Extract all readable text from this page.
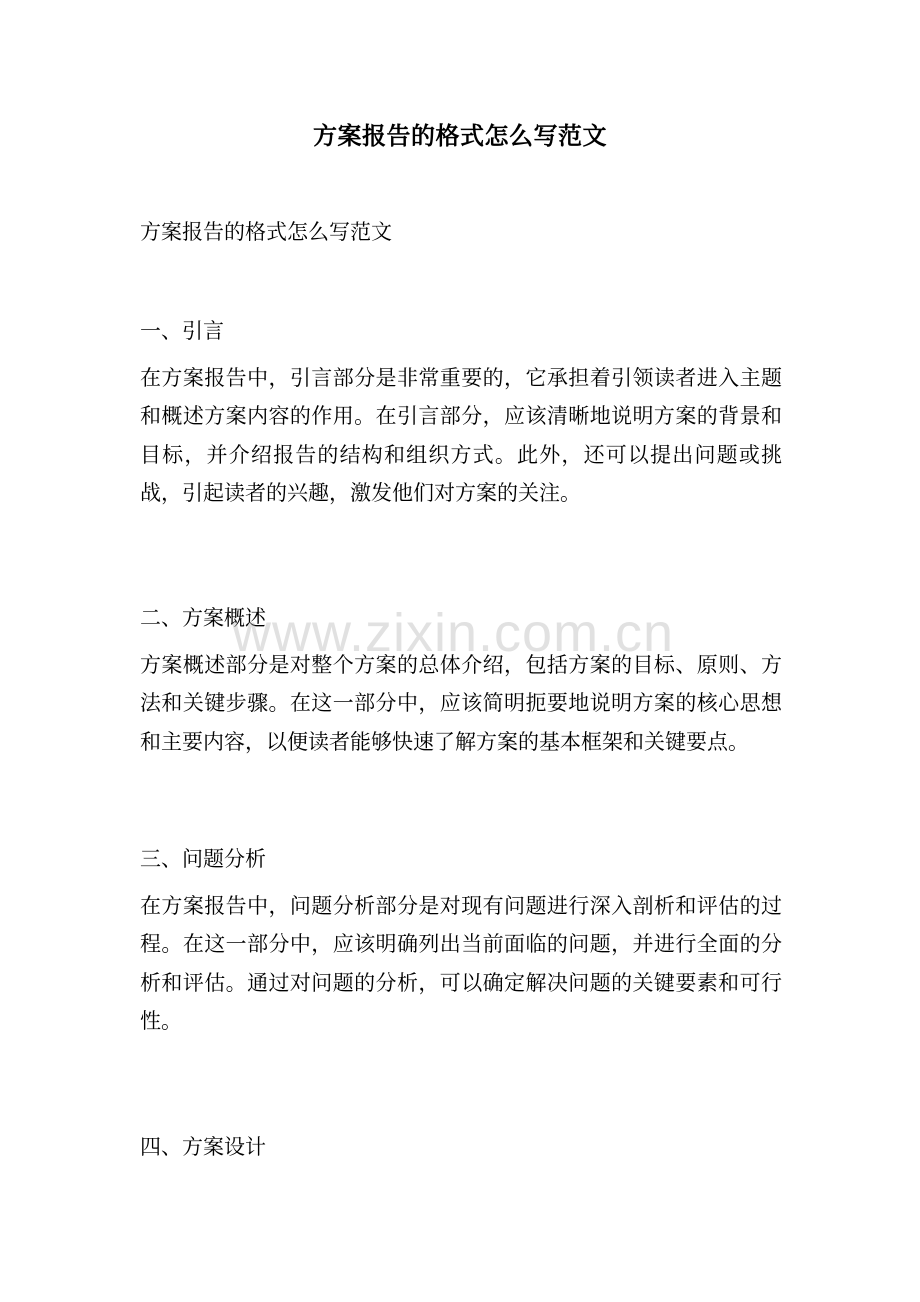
方案报告的格式怎么写范文
方案报告的格式怎么写范文
一、引言
在方案报告中，引言部分是非常重要的，它承担着引领读者进入主题和概述方案内容的作用。在引言部分，应该清晰地说明方案的背景和目标，并介绍报告的结构和组织方式。此外，还可以提出问题或挑战，引起读者的兴趣，激发他们对方案的关注。
二、方案概述
方案概述部分是对整个方案的总体介绍，包括方案的目标、原则、方法和关键步骤。在这一部分中，应该简明扼要地说明方案的核心思想和主要内容，以便读者能够快速了解方案的基本框架和关键要点。
三、问题分析
在方案报告中，问题分析部分是对现有问题进行深入剖析和评估的过程。在这一部分中，应该明确列出当前面临的问题，并进行全面的分析和评估。通过对问题的分析，可以确定解决问题的关键要素和可行性。
四、方案设计
www.zixin.com.cn
